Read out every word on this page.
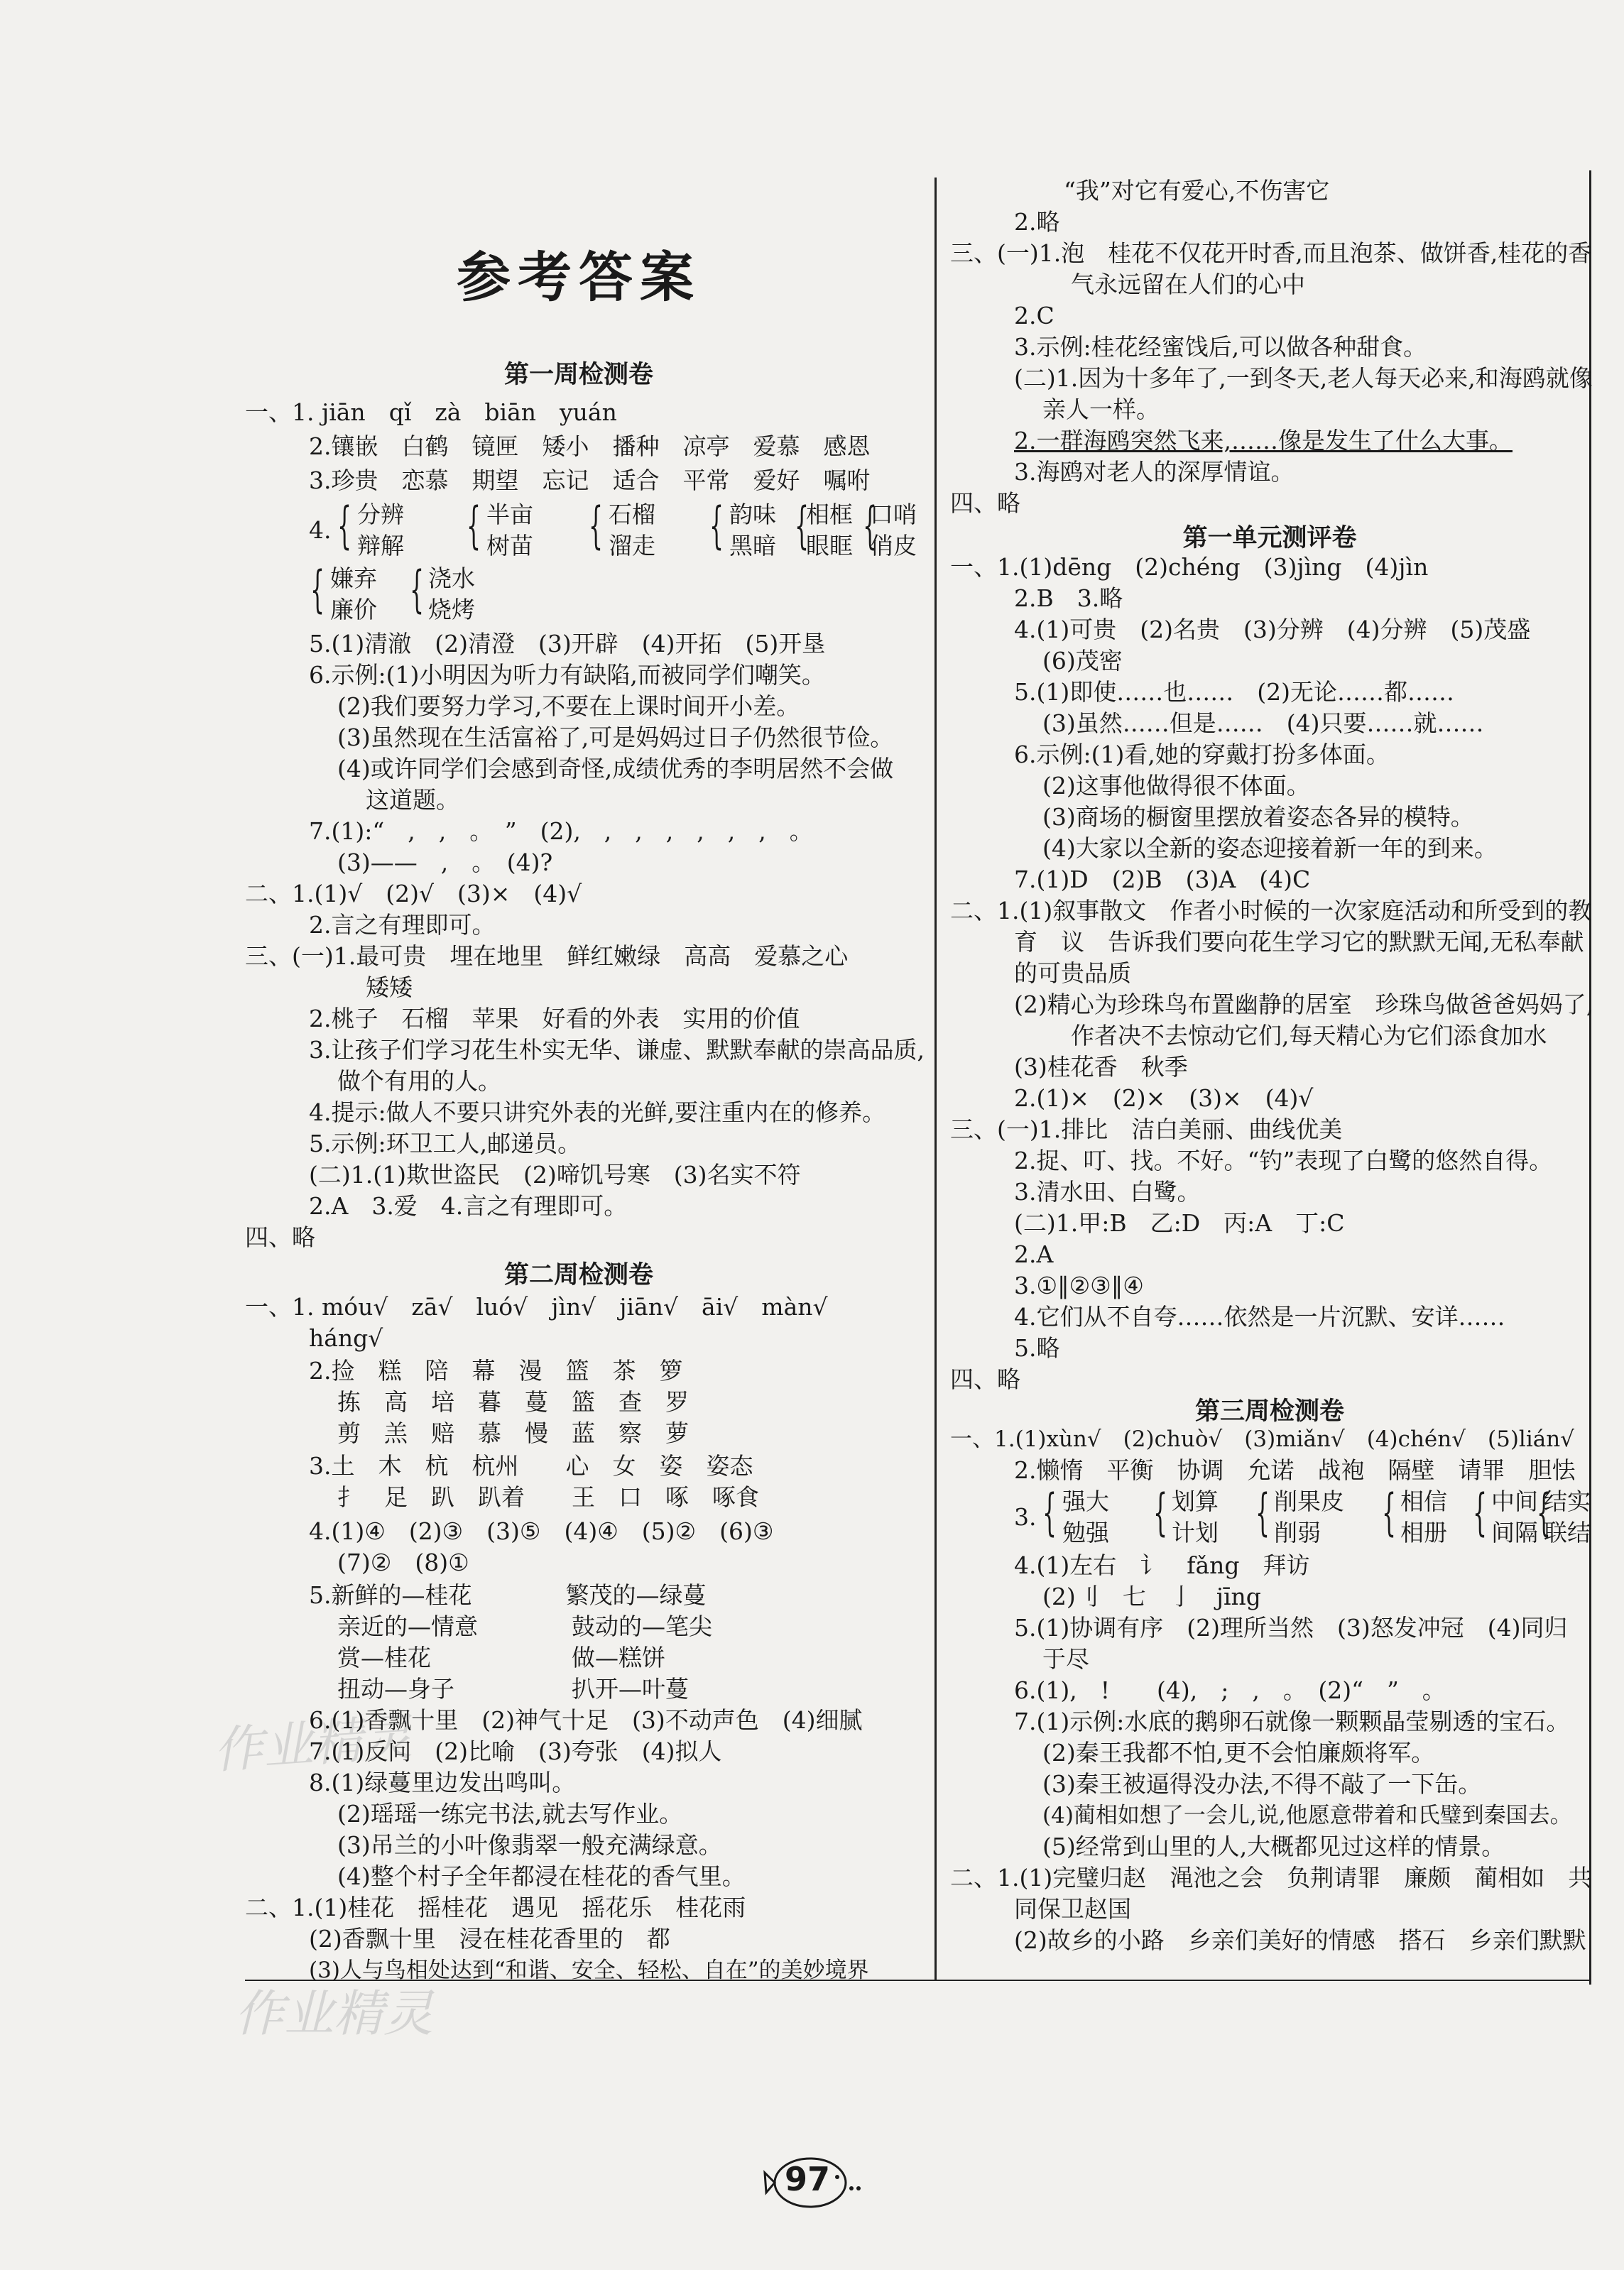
作业精灵
作业精灵
参考答案
第一周检测卷
一、1. jiān　qǐ　zà　biān　yuán
2.镶嵌　白鹤　镜匣　矮小　播种　凉亭　爱慕　感恩
3.珍贵　恋慕　期望　忘记　适合　平常　爱好　嘱咐
4. { 分辨
辩解 { 半亩
树苗 { 石榴
溜走 { 韵味
黑暗 {
相框
眼眶 {
口哨
俏皮
{ 嫌弃
廉价 { 浇水
烧烤
5.(1)清澈　(2)清澄　(3)开辟　(4)开拓　(5)开垦
6.示例:(1)小明因为听力有缺陷,而被同学们嘲笑。
(2)我们要努力学习,不要在上课时间开小差。
(3)虽然现在生活富裕了,可是妈妈过日子仍然很节俭。
(4)或许同学们会感到奇怪,成绩优秀的李明居然不会做
这道题。
7.(1):“　,　,　。　”　(2),　,　,　,　,　,　,　。
(3)——　,　。　(4)?
二、1.(1)√　(2)√　(3)×　(4)√
2.言之有理即可。
三、(一)1.最可贵　埋在地里　鲜红嫩绿　高高　爱慕之心
矮矮
2.桃子　石榴　苹果　好看的外表　实用的价值
3.让孩子们学习花生朴实无华、谦虚、默默奉献的崇高品质,
做个有用的人。
4.提示:做人不要只讲究外表的光鲜,要注重内在的修养。
5.示例:环卫工人,邮递员。
(二)1.(1)欺世盗民　(2)啼饥号寒　(3)名实不符
2.A　3.爱　4.言之有理即可。
四、略
第二周检测卷
一、1. móu√　zā√　luó√　jìn√　jiān√　āi√　màn√
háng√
2.捡　糕　陪　幕　漫　篮　茶　箩
拣　高　培　暮　蔓　篮　查　罗
剪　羔　赔　慕　慢　蓝　察　萝
3.土　木　杭　杭州　　心　女　姿　姿态
扌　足　趴　趴着　　王　口　啄　啄食
4.(1)④　(2)③　(3)⑤　(4)④　(5)②　(6)③
(7)②　(8)①
5.新鲜的—桂花　　　　繁茂的—绿蔓
亲近的—情意　　　　鼓动的—笔尖
赏—桂花　　　　　　做—糕饼
扭动—身子　　　　　扒开—叶蔓
6.(1)香飘十里　(2)神气十足　(3)不动声色　(4)细腻
7.(1)反问　(2)比喻　(3)夸张　(4)拟人
8.(1)绿蔓里边发出鸣叫。
(2)瑶瑶一练完书法,就去写作业。
(3)吊兰的小叶像翡翠一般充满绿意。
(4)整个村子全年都浸在桂花的香气里。
二、1.(1)桂花　摇桂花　遇见　摇花乐　桂花雨
(2)香飘十里　浸在桂花香里的　都
(3)人与鸟相处达到“和谐、安全、轻松、自在”的美妙境界
“我”对它有爱心,不伤害它
2.略
三、(一)1.泡　桂花不仅花开时香,而且泡茶、做饼香,桂花的香
气永远留在人们的心中
2.C
3.示例:桂花经蜜饯后,可以做各种甜食。
(二)1.因为十多年了,一到冬天,老人每天必来,和海鸥就像
亲人一样。
2.一群海鸥突然飞来,……像是发生了什么大事。
3.海鸥对老人的深厚情谊。
四、略
第一单元测评卷
一、1.(1)dēng　(2)chéng　(3)jìng　(4)jìn
2.B　3.略
4.(1)可贵　(2)名贵　(3)分辨　(4)分辨　(5)茂盛
(6)茂密
5.(1)即使……也……　(2)无论……都……
(3)虽然……但是……　(4)只要……就……
6.示例:(1)看,她的穿戴打扮多体面。
(2)这事他做得很不体面。
(3)商场的橱窗里摆放着姿态各异的模特。
(4)大家以全新的姿态迎接着新一年的到来。
7.(1)D　(2)B　(3)A　(4)C
二、1.(1)叙事散文　作者小时候的一次家庭活动和所受到的教
育　议　告诉我们要向花生学习它的默默无闻,无私奉献
的可贵品质
(2)精心为珍珠鸟布置幽静的居室　珍珠鸟做爸爸妈妈了,
作者决不去惊动它们,每天精心为它们添食加水
(3)桂花香　秋季
2.(1)×　(2)×　(3)×　(4)√
三、(一)1.排比　洁白美丽、曲线优美
2.捉、叮、找。不好。“钓”表现了白鹭的悠然自得。
3.清水田、白鹭。
(二)1.甲:B　乙:D　丙:A　丁:C
2.A
3.①‖②③‖④
4.它们从不自夸……依然是一片沉默、安详……
5.略
四、略
第三周检测卷
一、1.(1)xùn√　(2)chuò√　(3)miǎn√　(4)chén√　(5)lián√
2.懒惰　平衡　协调　允诺　战袍　隔壁　请罪　胆怯
3. { 强大
勉强 { 划算
计划 { 削果皮
削弱 { 相信
相册 { 中间
间隔
{
结实
联结
4.(1)左右　讠　fǎng　拜访
(2)刂　七　亅　jīng
5.(1)协调有序　(2)理所当然　(3)怒发冲冠　(4)同归
于尽
6.(1),　!　　(4),　;　,　。　(2)“　”　。
7.(1)示例:水底的鹅卵石就像一颗颗晶莹剔透的宝石。
(2)秦王我都不怕,更不会怕廉颇将军。
(3)秦王被逼得没办法,不得不敲了一下缶。
(4)蔺相如想了一会儿,说,他愿意带着和氏璧到秦国去。
(5)经常到山里的人,大概都见过这样的情景。
二、1.(1)完璧归赵　渑池之会　负荆请罪　廉颇　蔺相如　共
同保卫赵国
(2)故乡的小路　乡亲们美好的情感　搭石　乡亲们默默
97
